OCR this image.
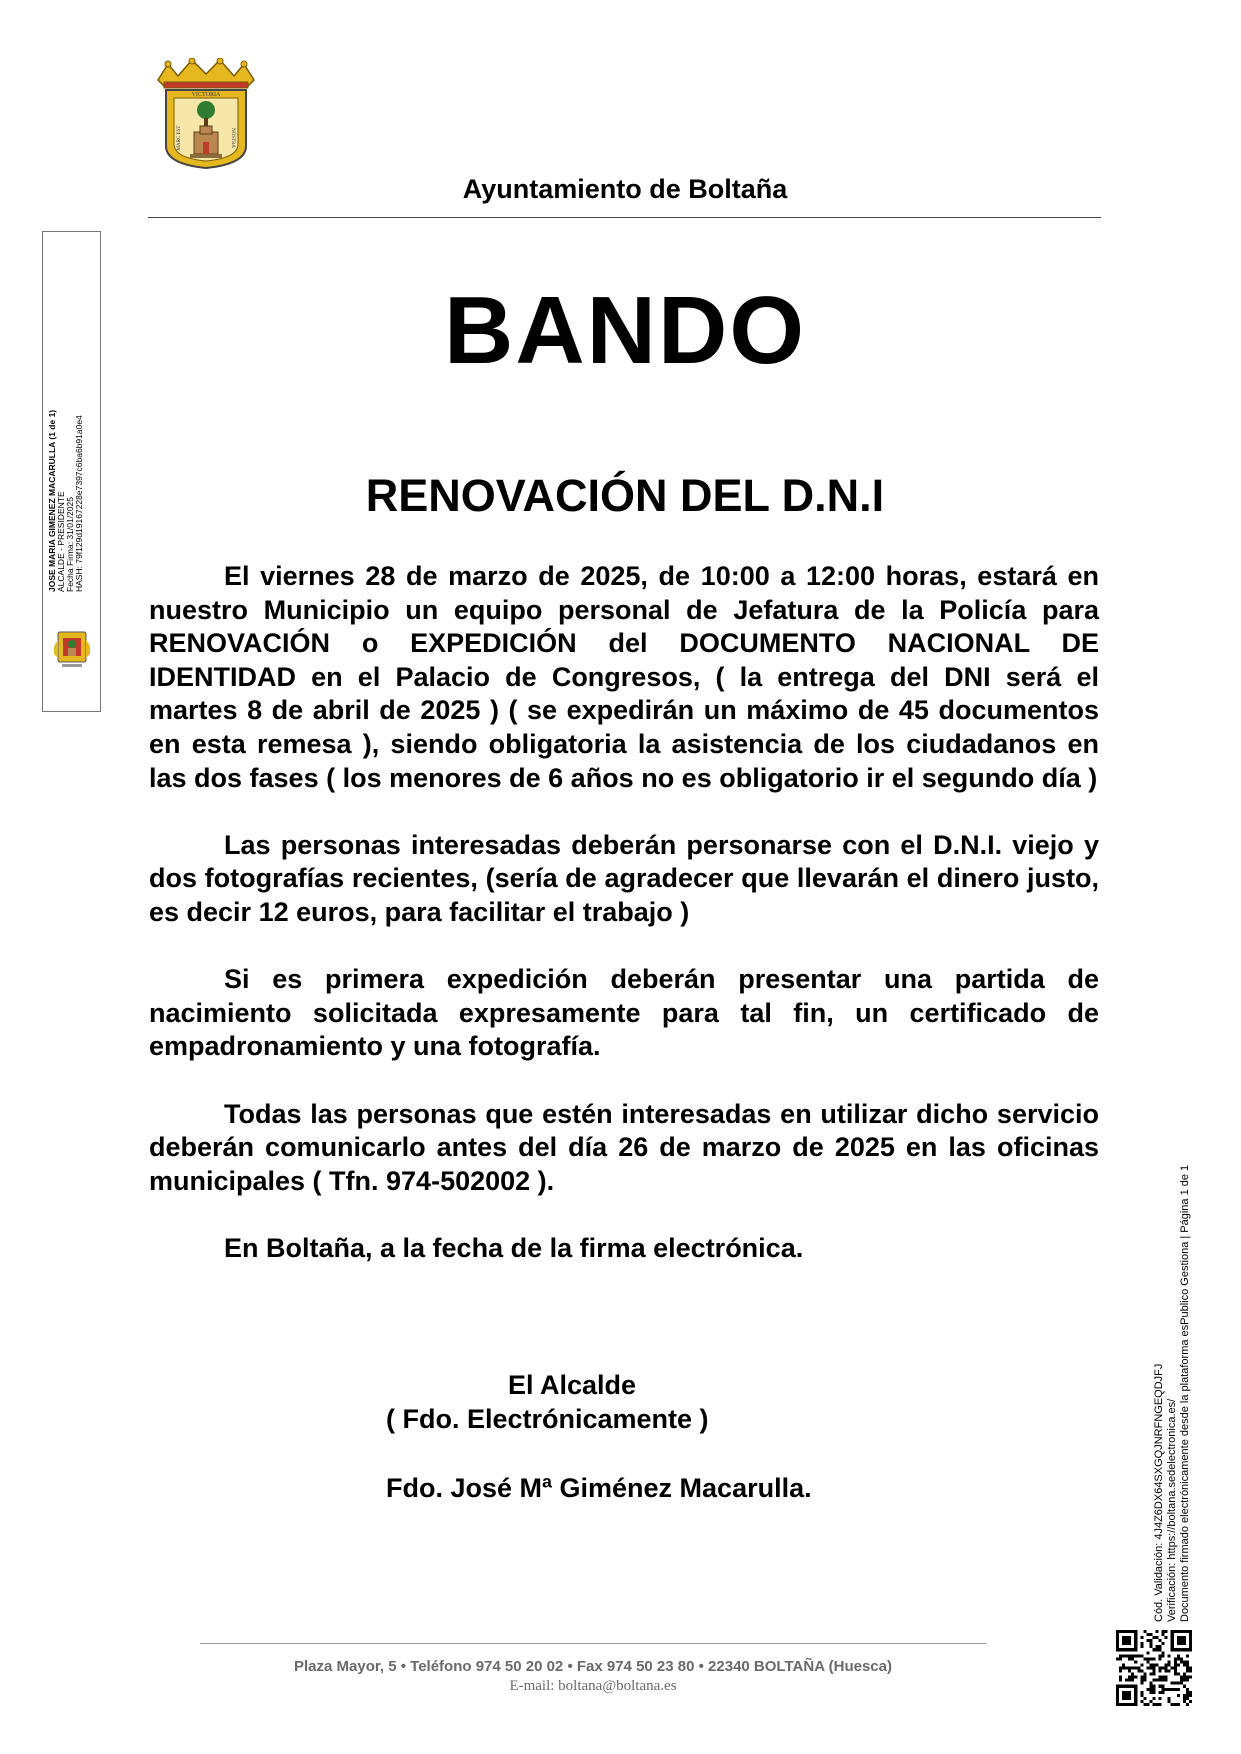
VICTORIA
MARC EST	NOSTRA
Ayuntamiento de Boltaña
BANDO
RENOVACIÓN DEL D.N.I

El viernes 28 de marzo de 2025, de 10:00 a 12:00 horas, estará en nuestro Municipio un equipo personal de Jefatura de la Policía para RENOVACIÓN o EXPEDICIÓN del DOCUMENTO NACIONAL DE IDENTIDAD en el Palacio de Congresos, ( la entrega del DNI será el martes 8 de abril de 2025 ) ( se expedirán un máximo de 45 documentos en esta remesa ), siendo obligatoria la asistencia de los ciudadanos en las dos fases ( los menores de 6 años no es obligatorio ir el segundo día )

Las personas interesadas deberán personarse con el D.N.I. viejo y dos fotografías recientes, (sería de agradecer que llevarán el dinero justo, es decir 12 euros, para facilitar el trabajo )

Si es primera expedición deberán presentar una partida de nacimiento solicitada expresamente para tal fin, un certificado de empadronamiento y una fotografía.

Todas las personas que estén interesadas en utilizar dicho servicio deberán comunicarlo antes del día 26 de marzo de 2025 en las oficinas municipales ( Tfn. 974-502002 ).

En Boltaña, a la fecha de la firma electrónica.

El Alcalde
( Fdo. Electrónicamente )
Fdo. José Mª Giménez Macarulla.
JOSE MARIA GIMENEZ MACARULLA (1 de 1) ALCALDE - PRESIDENTE Fecha Firma: 31/01/2025 HASH: 79f129d19167228e7397c6ba6b91a0e4
Cód. Validación: 4J4Z6DX64SXGQJNRFNGEQDJFJ Verificación: https://boltana.sedelectronica.es/ Documento firmado electrónicamente desde la plataforma esPublico Gestiona | Página 1 de 1
Plaza Mayor, 5 • Teléfono 974 50 20 02 • Fax 974 50 23 80 • 22340 BOLTAÑA (Huesca)
E-mail: boltana@boltana.es
